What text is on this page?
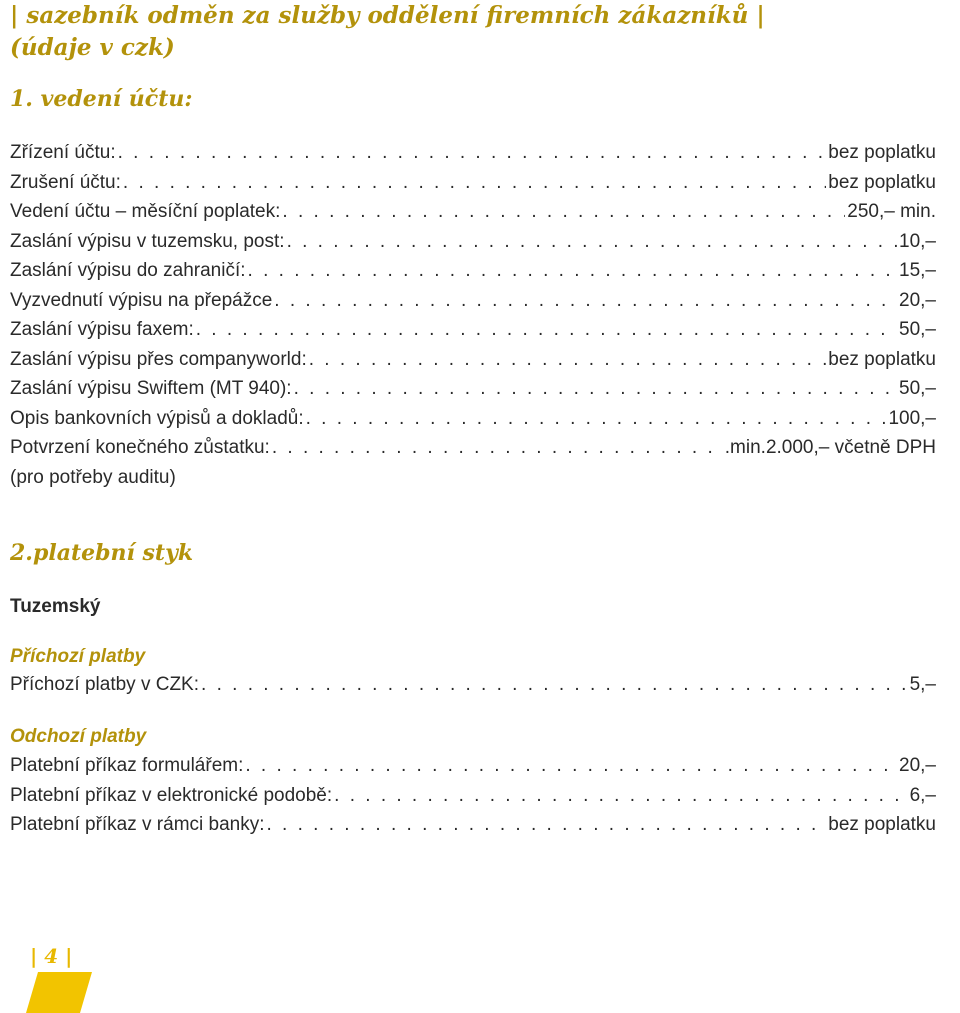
| sazebník odměn za služby oddělení firemních zákazníků |
(údaje v czk)
1. vedení účtu:
Zřízení účtu: . . .	bez poplatku
Zrušení účtu: . . .	bez poplatku
Vedení účtu – měsíční poplatek: . . .	250,– min.
Zaslání výpisu v tuzemsku, post: . . .	10,–
Zaslání výpisu do zahraničí: . . .	15,–
Vyzvednutí výpisu na přepážce . . .	20,–
Zaslání výpisu faxem: . . .	50,–
Zaslání výpisu přes companyworld: . . .	bez poplatku
Zaslání výpisu Swiftem (MT 940): . . .	50,–
Opis bankovních výpisů a dokladů: . . .	100,–
Potvrzení konečného zůstatku: . . .	.min.2.000,– včetně DPH
(pro potřeby auditu)
2.platební styk
Tuzemský
Příchozí platby
Příchozí platby v CZK: . . .	5,–
Odchozí platby
Platební příkaz formulářem: . . .	20,–
Platební příkaz v elektronické podobě: . . .	6,–
Platební příkaz v rámci banky: . . .	bez poplatku
| 4 |
